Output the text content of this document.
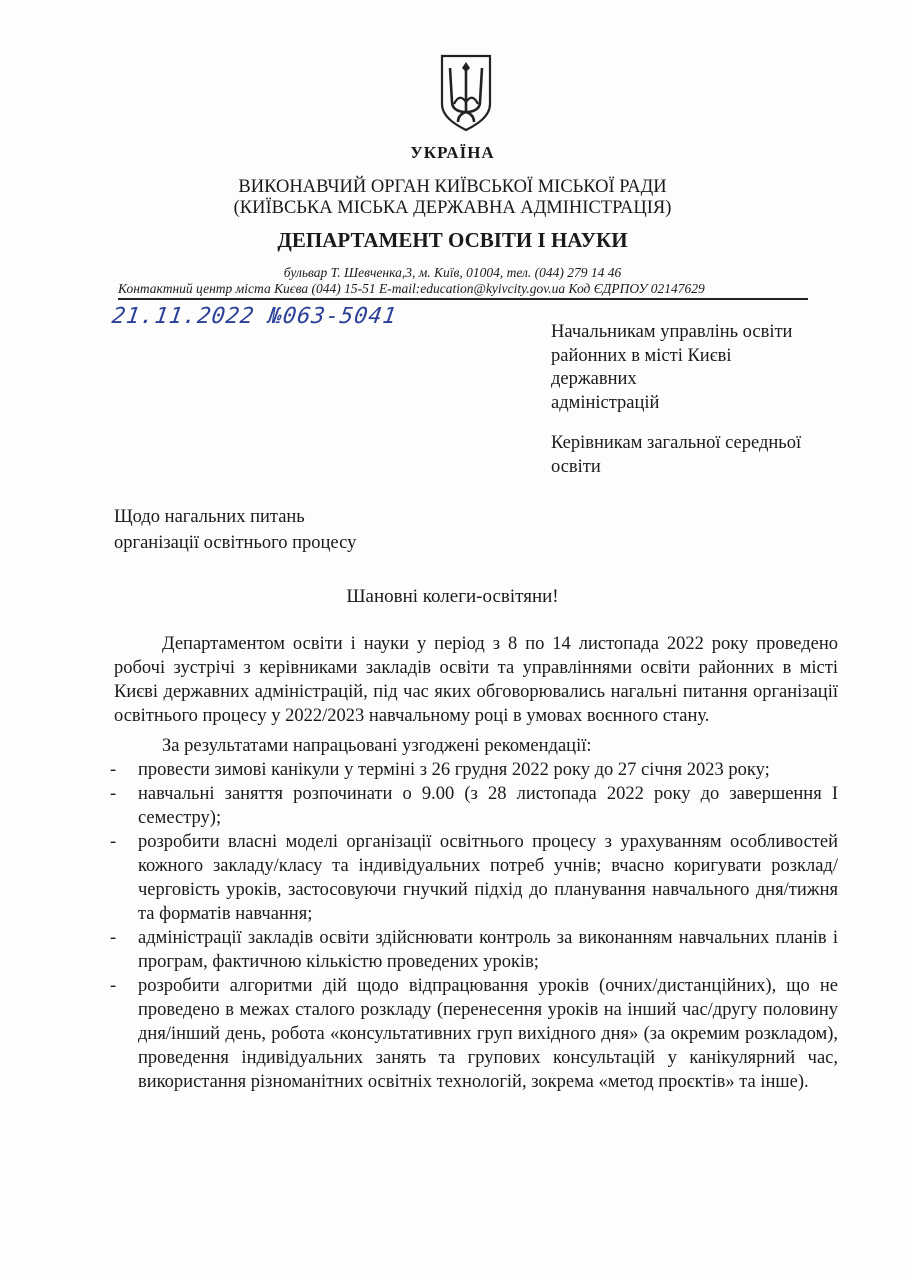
УКРАЇНА
ВИКОНАВЧИЙ ОРГАН КИЇВСЬКОЇ МІСЬКОЇ РАДИ
(КИЇВСЬКА МІСЬКА ДЕРЖАВНА АДМІНІСТРАЦІЯ)
ДЕПАРТАМЕНТ ОСВІТИ І НАУКИ
бульвар Т. Шевченка,3, м. Київ, 01004, тел. (044) 279 14 46
Контактний центр міста Києва (044) 15-51 E-mail:education@kyivcity.gov.ua Код ЄДРПОУ 02147629
21.11.2022 №063-5041
Начальникам управлінь освіти
районних в місті Києві
державних
адміністрацій
Керівникам загальної середньої
освіти
Щодо нагальних питань
організації освітнього процесу
Шановні колеги-освітяни!

Департаментом освіти і науки у період з 8 по 14 листопада 2022 року проведено робочі зустрічі з керівниками закладів освіти та управліннями освіти районних в місті Києві державних адміністрацій, під час яких обговорювались нагальні питання організації освітнього процесу у 2022/2023 навчальному році в умовах воєнного стану.

За результатами напрацьовані узгоджені рекомендації:

- провести зимові канікули у терміні з 26 грудня 2022 року до 27 січня 2023 року;
- навчальні заняття розпочинати о 9.00 (з 28 листопада 2022 року до завершення І семестру);
- розробити власні моделі організації освітнього процесу з урахуванням особливостей кожного закладу/класу та індивідуальних потреб учнів; вчасно коригувати розклад/черговість уроків, застосовуючи гнучкий підхід до планування навчального дня/тижня та форматів навчання;
- адміністрації закладів освіти здійснювати контроль за виконанням навчальних планів і програм, фактичною кількістю проведених уроків;
- розробити алгоритми дій щодо відпрацювання уроків (очних/дистанційних), що не проведено в межах сталого розкладу (перенесення уроків на інший час/другу половину дня/інший день, робота «консультативних груп вихідного дня» (за окремим розкладом), проведення індивідуальних занять та групових консультацій у канікулярний час, використання різноманітних освітніх технологій, зокрема «метод проєктів» та інше).
